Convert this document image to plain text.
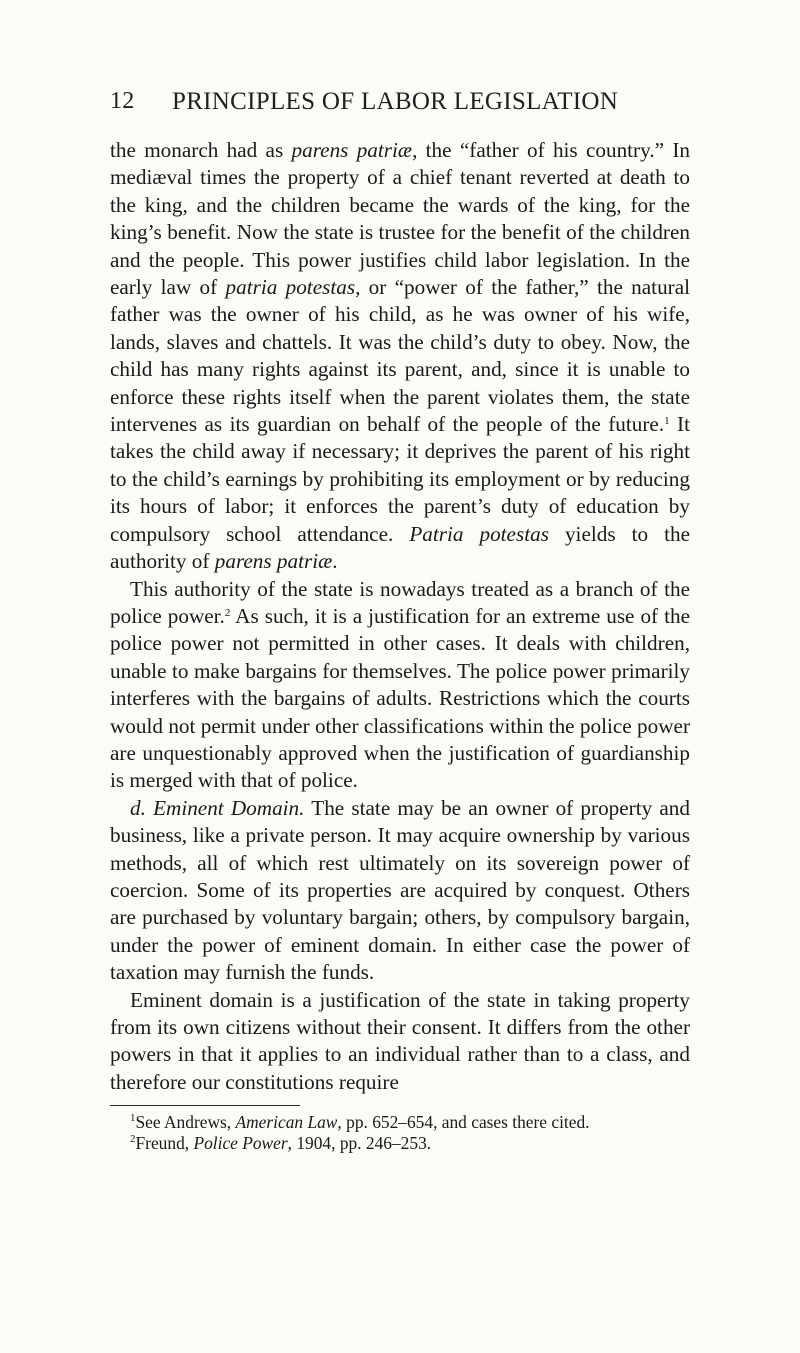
12 PRINCIPLES OF LABOR LEGISLATION

the monarch had as parens patriæ, the “father of his country.” In mediæval times the property of a chief tenant reverted at death to the king, and the children became the wards of the king, for the king’s benefit. Now the state is trustee for the benefit of the children and the people. This power justifies child labor legislation. In the early law of patria potestas, or “power of the father,” the natural father was the owner of his child, as he was owner of his wife, lands, slaves and chattels. It was the child’s duty to obey. Now, the child has many rights against its parent, and, since it is unable to enforce these rights itself when the parent violates them, the state intervenes as its guardian on behalf of the people of the future.$^1$ It takes the child away if necessary; it deprives the parent of his right to the child’s earnings by prohibiting its employment or by reducing its hours of labor; it enforces the parent’s duty of education by compulsory school attendance. Patria potestas yields to the authority of parens patriæ.

This authority of the state is nowadays treated as a branch of the police power.$^2$ As such, it is a justification for an extreme use of the police power not permitted in other cases. It deals with children, unable to make bargains for themselves. The police power primarily interferes with the bargains of adults. Restrictions which the courts would not permit under other classifications within the police power are unquestionably approved when the justification of guardianship is merged with that of police.

d. Eminent Domain. The state may be an owner of property and business, like a private person. It may acquire ownership by various methods, all of which rest ultimately on its sovereign power of coercion. Some of its properties are acquired by conquest. Others are purchased by voluntary bargain; others, by compulsory bargain, under the power of eminent domain. In either case the power of taxation may furnish the funds.

Eminent domain is a justification of the state in taking property from its own citizens without their consent. It differs from the other powers in that it applies to an individual rather than to a class, and therefore our constitutions require

$^1$See Andrews, American Law, pp. 652–654, and cases there cited.

$^2$Freund, Police Power, 1904, pp. 246–253.
